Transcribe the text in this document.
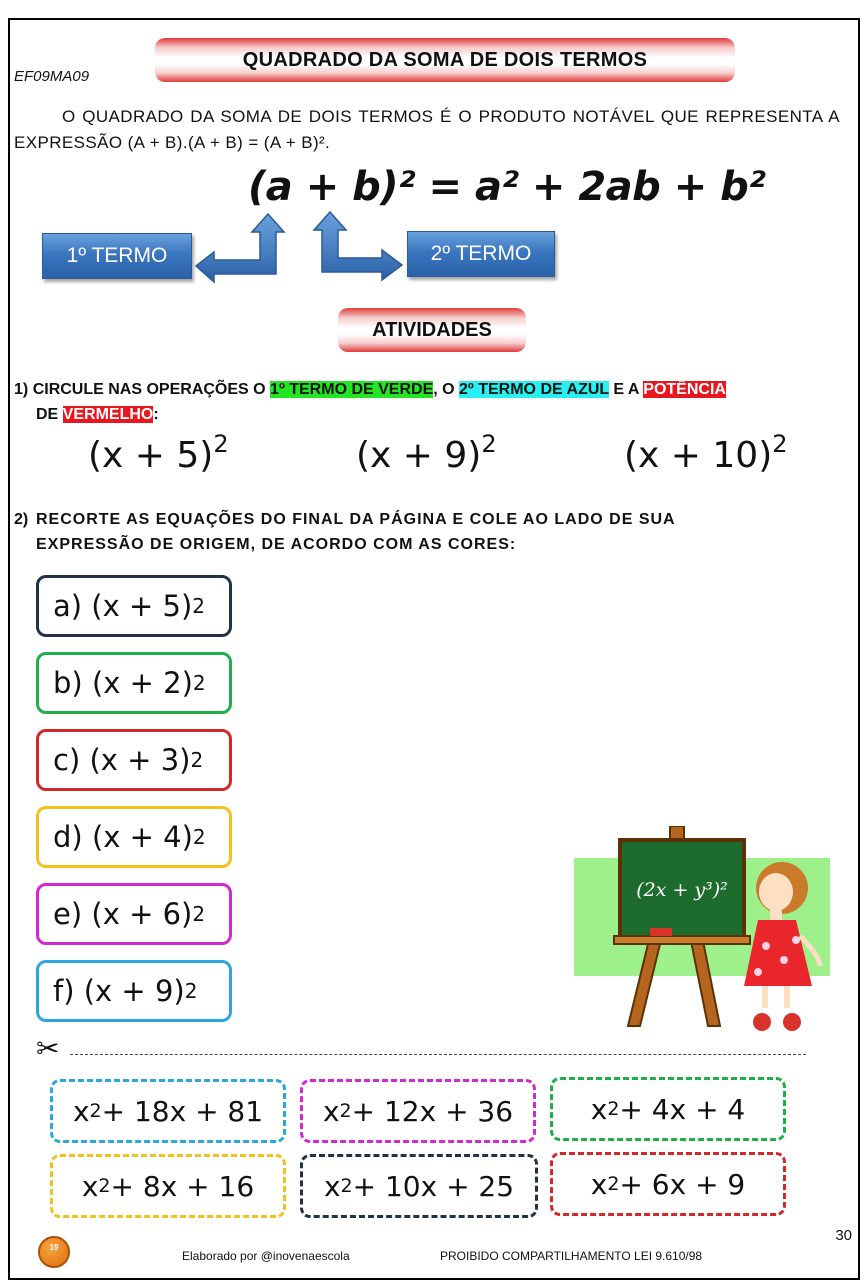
EF09MA09
QUADRADO DA SOMA DE DOIS TERMOS
O QUADRADO DA SOMA DE DOIS TERMOS É O PRODUTO NOTÁVEL QUE REPRESENTA A EXPRESSÃO (A + B).(A + B) = (A + B)².
(a + b)² = a² + 2ab + b²
1º TERMO	2º TERMO
ATIVIDADES
1) CIRCULE NAS OPERAÇÕES O 1º TERMO DE VERDE, O 2º TERMO DE AZUL E A POTÊNCIA
DE VERMELHO:
$(x + 5)^2$	$(x + 9)^2$	$(x + 10)^2$
2) RECORTE AS EQUAÇÕES DO FINAL DA PÁGINA E COLE AO LADO DE SUA
EXPRESSÃO DE ORIGEM, DE ACORDO COM AS CORES:
a) (x + 5) 2
b) (x + 2) 2
c) (x + 3) 2
d) (x + 4) 2
e) (x + 6) 2
f) (x + 9) 2
(2x + y³)²
✂
x 2 + 18x + 81 x 2 + 12x + 36	x 2 + 4x + 4
x 2 + 8x + 16 x 2 + 10x + 25	x 2 + 6x + 9
19
30
Elaborado por @inovenaescola	PROIBIDO COMPARTILHAMENTO LEI 9.610/98
